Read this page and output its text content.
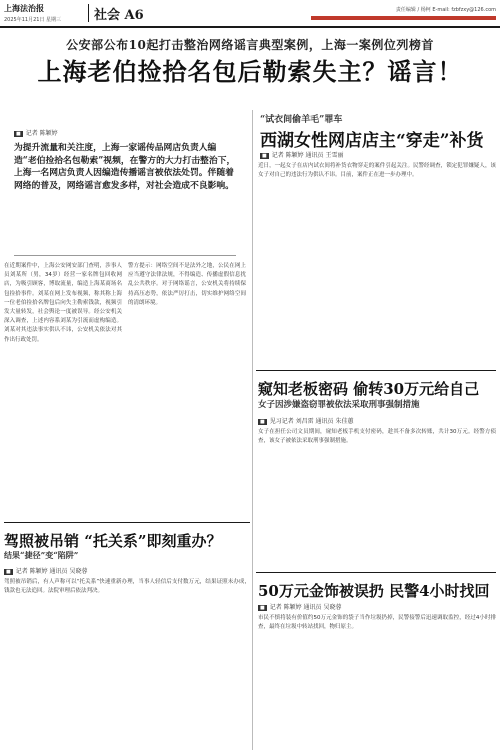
上海法治报
2025年11月21日 星期三	社会 A6	责任编辑 / 杨柯 E-mail: fzbfzxy@126.com
公安部公布10起打击整治网络谣言典型案例，上海一案例位列榜首
上海老伯捡拾名包后勒索失主？谣言！
■ 记者 陈颖婷
为提升流量和关注度，上海一家谣传品网店负责人编造“老伯捡拾名包勒索”视频，在警方的大力打击整治下，上海一名网店负责人因编造传播谣言被依法处罚。伴随着网络的普及，网络谣言愈发多样，对社会造成不良影响。
在近期案件中，上海公安网安部门查明，涉事人员刘某所（男，34岁）经营一家名牌包回收网店，为吸引顾客，博取流量，编造上海某商场名包捡拾事件。刘某在网上发布视频，称其称上海一位老伯捡拾名牌包后向失主勒索钱款，视频引发大量转发，社会舆论一度被误导。经公安机关深入调查，上述内容系刘某为引流而虚构编造。刘某对其违法事实供认不讳，公安机关依法对其作出行政处罚。
警方提示：网络空间不是法外之地，公民在网上应当遵守法律法规，不得编造、传播虚假信息扰乱公共秩序。对于网络谣言，公安机关将持续保持高压态势，依法严厉打击，切实维护网络空间的清朗环境。
“试衣间偷羊毛”罪车
西湖女性网店店主“穿走”补货
■ 记者 陈颖婷 通讯员 王雪丽
近日，一起女子在店内试衣间将补货衣物穿走的案件引起关注。民警经调查，锁定犯罪嫌疑人，该女子对自己的违法行为供认不讳。目前，案件正在进一步办理中。
窥知老板密码 偷转30万元给自己
女子因涉嫌盗窃罪被依法采取刑事强制措施
■ 见习记者 刘昌雷 通讯员 朱佳蕙
女子在担任公司文员期间，窥知老板手机支付密码，趁其不备多次转账，共计30万元。经警方侦查，该女子被依法采取刑事强制措施。
驾照被吊销 “托关系”即刻重办？
结果“捷径”变“陷阱”
■ 记者 陈颖婷 通讯员 吴晓蓉
驾照被吊销后，有人声称可以“托关系”快速重新办理，当事人轻信后支付数万元，结果证照未办成，钱款也无法追回。法院审理后依法判决。	50万元金饰被误扔 民警4小时找回
■ 记者 陈颖婷 通讯员 吴晓蓉
市民不慎将装有价值约50万元金饰的袋子当作垃圾扔掉，民警接警后迅速调取监控，经过4小时排查，最终在垃圾中转站找回，物归原主。
